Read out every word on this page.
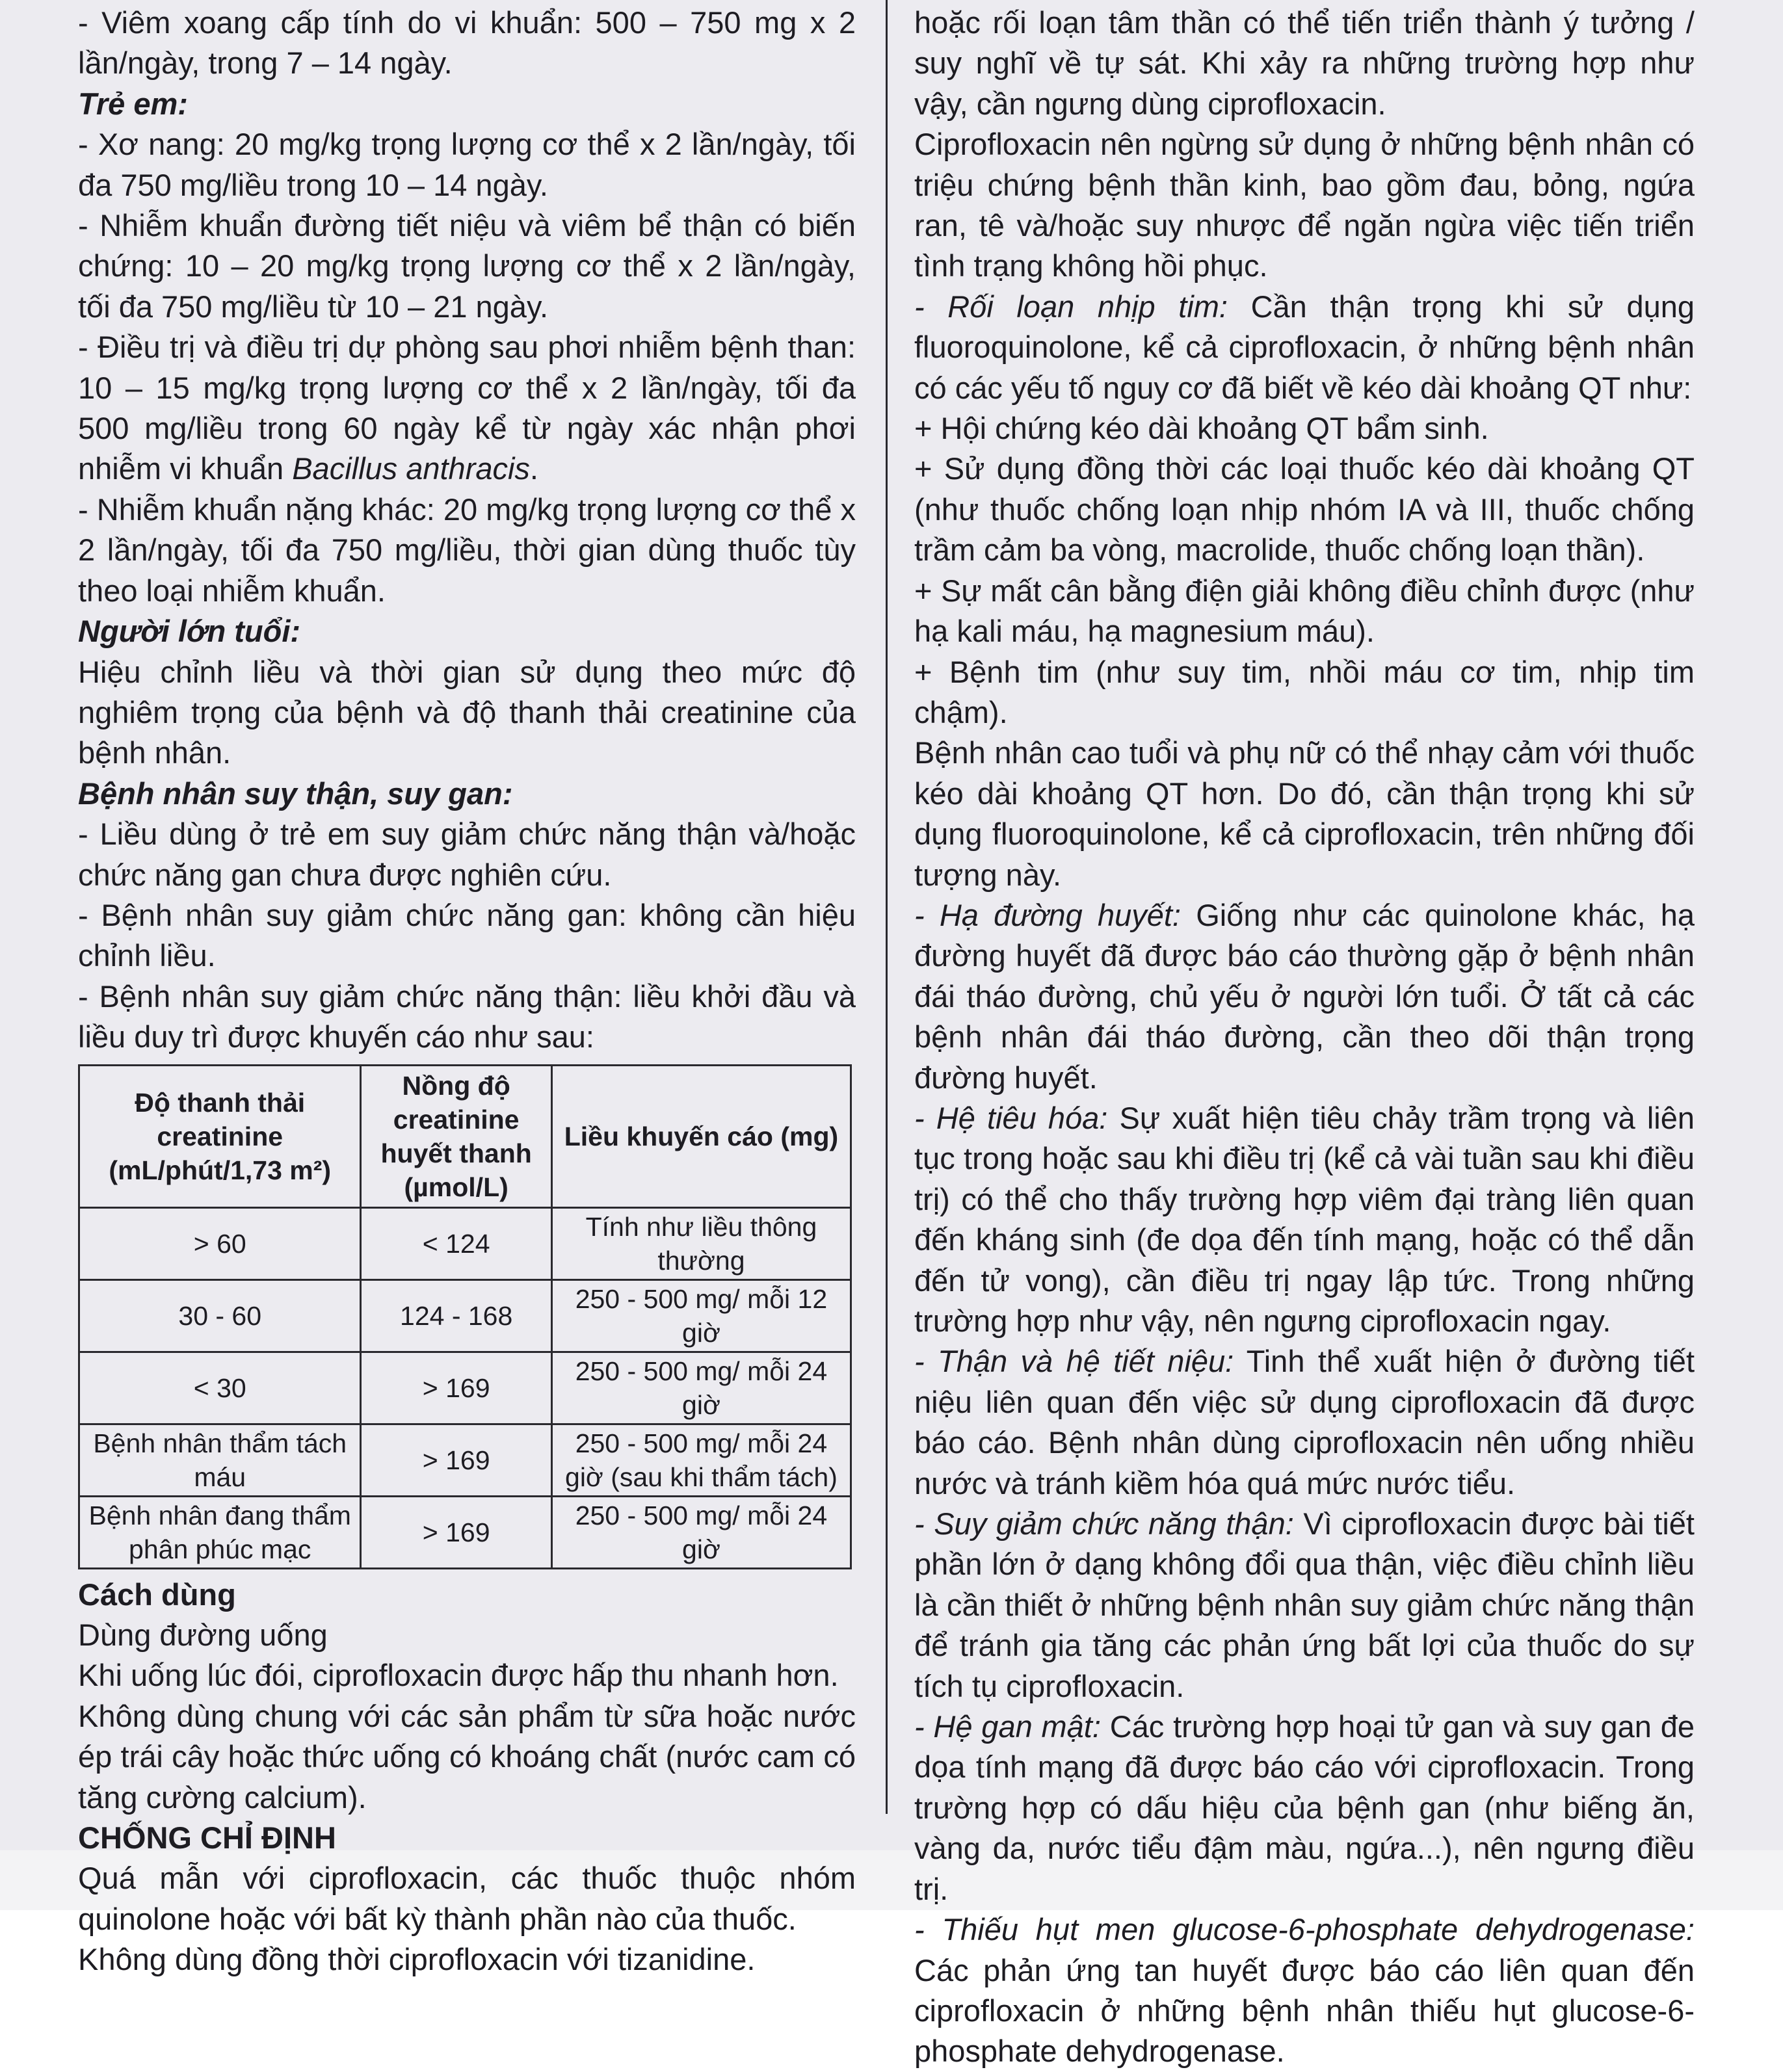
- Viêm xoang cấp tính do vi khuẩn: 500 – 750 mg x 2 lần/ngày, trong 7 – 14 ngày.

Trẻ em:

- Xơ nang: 20 mg/kg trọng lượng cơ thể x 2 lần/ngày, tối đa 750 mg/liều trong 10 – 14 ngày.

- Nhiễm khuẩn đường tiết niệu và viêm bể thận có biến chứng: 10 – 20 mg/kg trọng lượng cơ thể x 2 lần/ngày, tối đa 750 mg/liều từ 10 – 21 ngày.

- Điều trị và điều trị dự phòng sau phơi nhiễm bệnh than: 10 – 15 mg/kg trọng lượng cơ thể x 2 lần/ngày, tối đa 500 mg/liều trong 60 ngày kể từ ngày xác nhận phơi nhiễm vi khuẩn Bacillus anthracis.

- Nhiễm khuẩn nặng khác: 20 mg/kg trọng lượng cơ thể x 2 lần/ngày, tối đa 750 mg/liều, thời gian dùng thuốc tùy theo loại nhiễm khuẩn.

Người lớn tuổi:

Hiệu chỉnh liều và thời gian sử dụng theo mức độ nghiêm trọng của bệnh và độ thanh thải creatinine của bệnh nhân.

Bệnh nhân suy thận, suy gan:

- Liều dùng ở trẻ em suy giảm chức năng thận và/hoặc chức năng gan chưa được nghiên cứu.

- Bệnh nhân suy giảm chức năng gan: không cần hiệu chỉnh liều.

- Bệnh nhân suy giảm chức năng thận: liều khởi đầu và liều duy trì được khuyến cáo như sau:

Độ thanh thải creatinine (mL/phút/1,73 m²)	Nồng độ creatinine huyết thanh (µmol/L)	Liều khuyến cáo (mg)
> 60	< 124	Tính như liều thông thường
30 - 60	124 - 168	250 - 500 mg/ mỗi 12 giờ
< 30	> 169	250 - 500 mg/ mỗi 24 giờ
Bệnh nhân thẩm tách máu	> 169	250 - 500 mg/ mỗi 24 giờ (sau khi thẩm tách)
Bệnh nhân đang thẩm phân phúc mạc	> 169	250 - 500 mg/ mỗi 24 giờ

Cách dùng

Dùng đường uống

Khi uống lúc đói, ciprofloxacin được hấp thu nhanh hơn.

Không dùng chung với các sản phẩm từ sữa hoặc nước ép trái cây hoặc thức uống có khoáng chất (nước cam có tăng cường calcium).

CHỐNG CHỈ ĐỊNH

Quá mẫn với ciprofloxacin, các thuốc thuộc nhóm quinolone hoặc với bất kỳ thành phần nào của thuốc.

Không dùng đồng thời ciprofloxacin với tizanidine.

hoặc rối loạn tâm thần có thể tiến triển thành ý tưởng / suy nghĩ về tự sát. Khi xảy ra những trường hợp như vậy, cần ngưng dùng ciprofloxacin.

Ciprofloxacin nên ngừng sử dụng ở những bệnh nhân có triệu chứng bệnh thần kinh, bao gồm đau, bỏng, ngứa ran, tê và/hoặc suy nhược để ngăn ngừa việc tiến triển tình trạng không hồi phục.

- Rối loạn nhịp tim: Cần thận trọng khi sử dụng fluoroquinolone, kể cả ciprofloxacin, ở những bệnh nhân có các yếu tố nguy cơ đã biết về kéo dài khoảng QT như:

+ Hội chứng kéo dài khoảng QT bẩm sinh.

+ Sử dụng đồng thời các loại thuốc kéo dài khoảng QT (như thuốc chống loạn nhịp nhóm IA và III, thuốc chống trầm cảm ba vòng, macrolide, thuốc chống loạn thần).

+ Sự mất cân bằng điện giải không điều chỉnh được (như hạ kali máu, hạ magnesium máu).

+ Bệnh tim (như suy tim, nhồi máu cơ tim, nhịp tim chậm).

Bệnh nhân cao tuổi và phụ nữ có thể nhạy cảm với thuốc kéo dài khoảng QT hơn. Do đó, cần thận trọng khi sử dụng fluoroquinolone, kể cả ciprofloxacin, trên những đối tượng này.

- Hạ đường huyết: Giống như các quinolone khác, hạ đường huyết đã được báo cáo thường gặp ở bệnh nhân đái tháo đường, chủ yếu ở người lớn tuổi. Ở tất cả các bệnh nhân đái tháo đường, cần theo dõi thận trọng đường huyết.

- Hệ tiêu hóa: Sự xuất hiện tiêu chảy trầm trọng và liên tục trong hoặc sau khi điều trị (kể cả vài tuần sau khi điều trị) có thể cho thấy trường hợp viêm đại tràng liên quan đến kháng sinh (đe dọa đến tính mạng, hoặc có thể dẫn đến tử vong), cần điều trị ngay lập tức. Trong những trường hợp như vậy, nên ngưng ciprofloxacin ngay.

- Thận và hệ tiết niệu: Tinh thể xuất hiện ở đường tiết niệu liên quan đến việc sử dụng ciprofloxacin đã được báo cáo. Bệnh nhân dùng ciprofloxacin nên uống nhiều nước và tránh kiềm hóa quá mức nước tiểu.

- Suy giảm chức năng thận: Vì ciprofloxacin được bài tiết phần lớn ở dạng không đổi qua thận, việc điều chỉnh liều là cần thiết ở những bệnh nhân suy giảm chức năng thận để tránh gia tăng các phản ứng bất lợi của thuốc do sự tích tụ ciprofloxacin.

- Hệ gan mật: Các trường hợp hoại tử gan và suy gan đe dọa tính mạng đã được báo cáo với ciprofloxacin. Trong trường hợp có dấu hiệu của bệnh gan (như biếng ăn, vàng da, nước tiểu đậm màu, ngứa...), nên ngưng điều trị.

- Thiếu hụt men glucose-6-phosphate dehydrogenase: Các phản ứng tan huyết được báo cáo liên quan đến ciprofloxacin ở những bệnh nhân thiếu hụt glucose-6-phosphate dehydrogenase.
